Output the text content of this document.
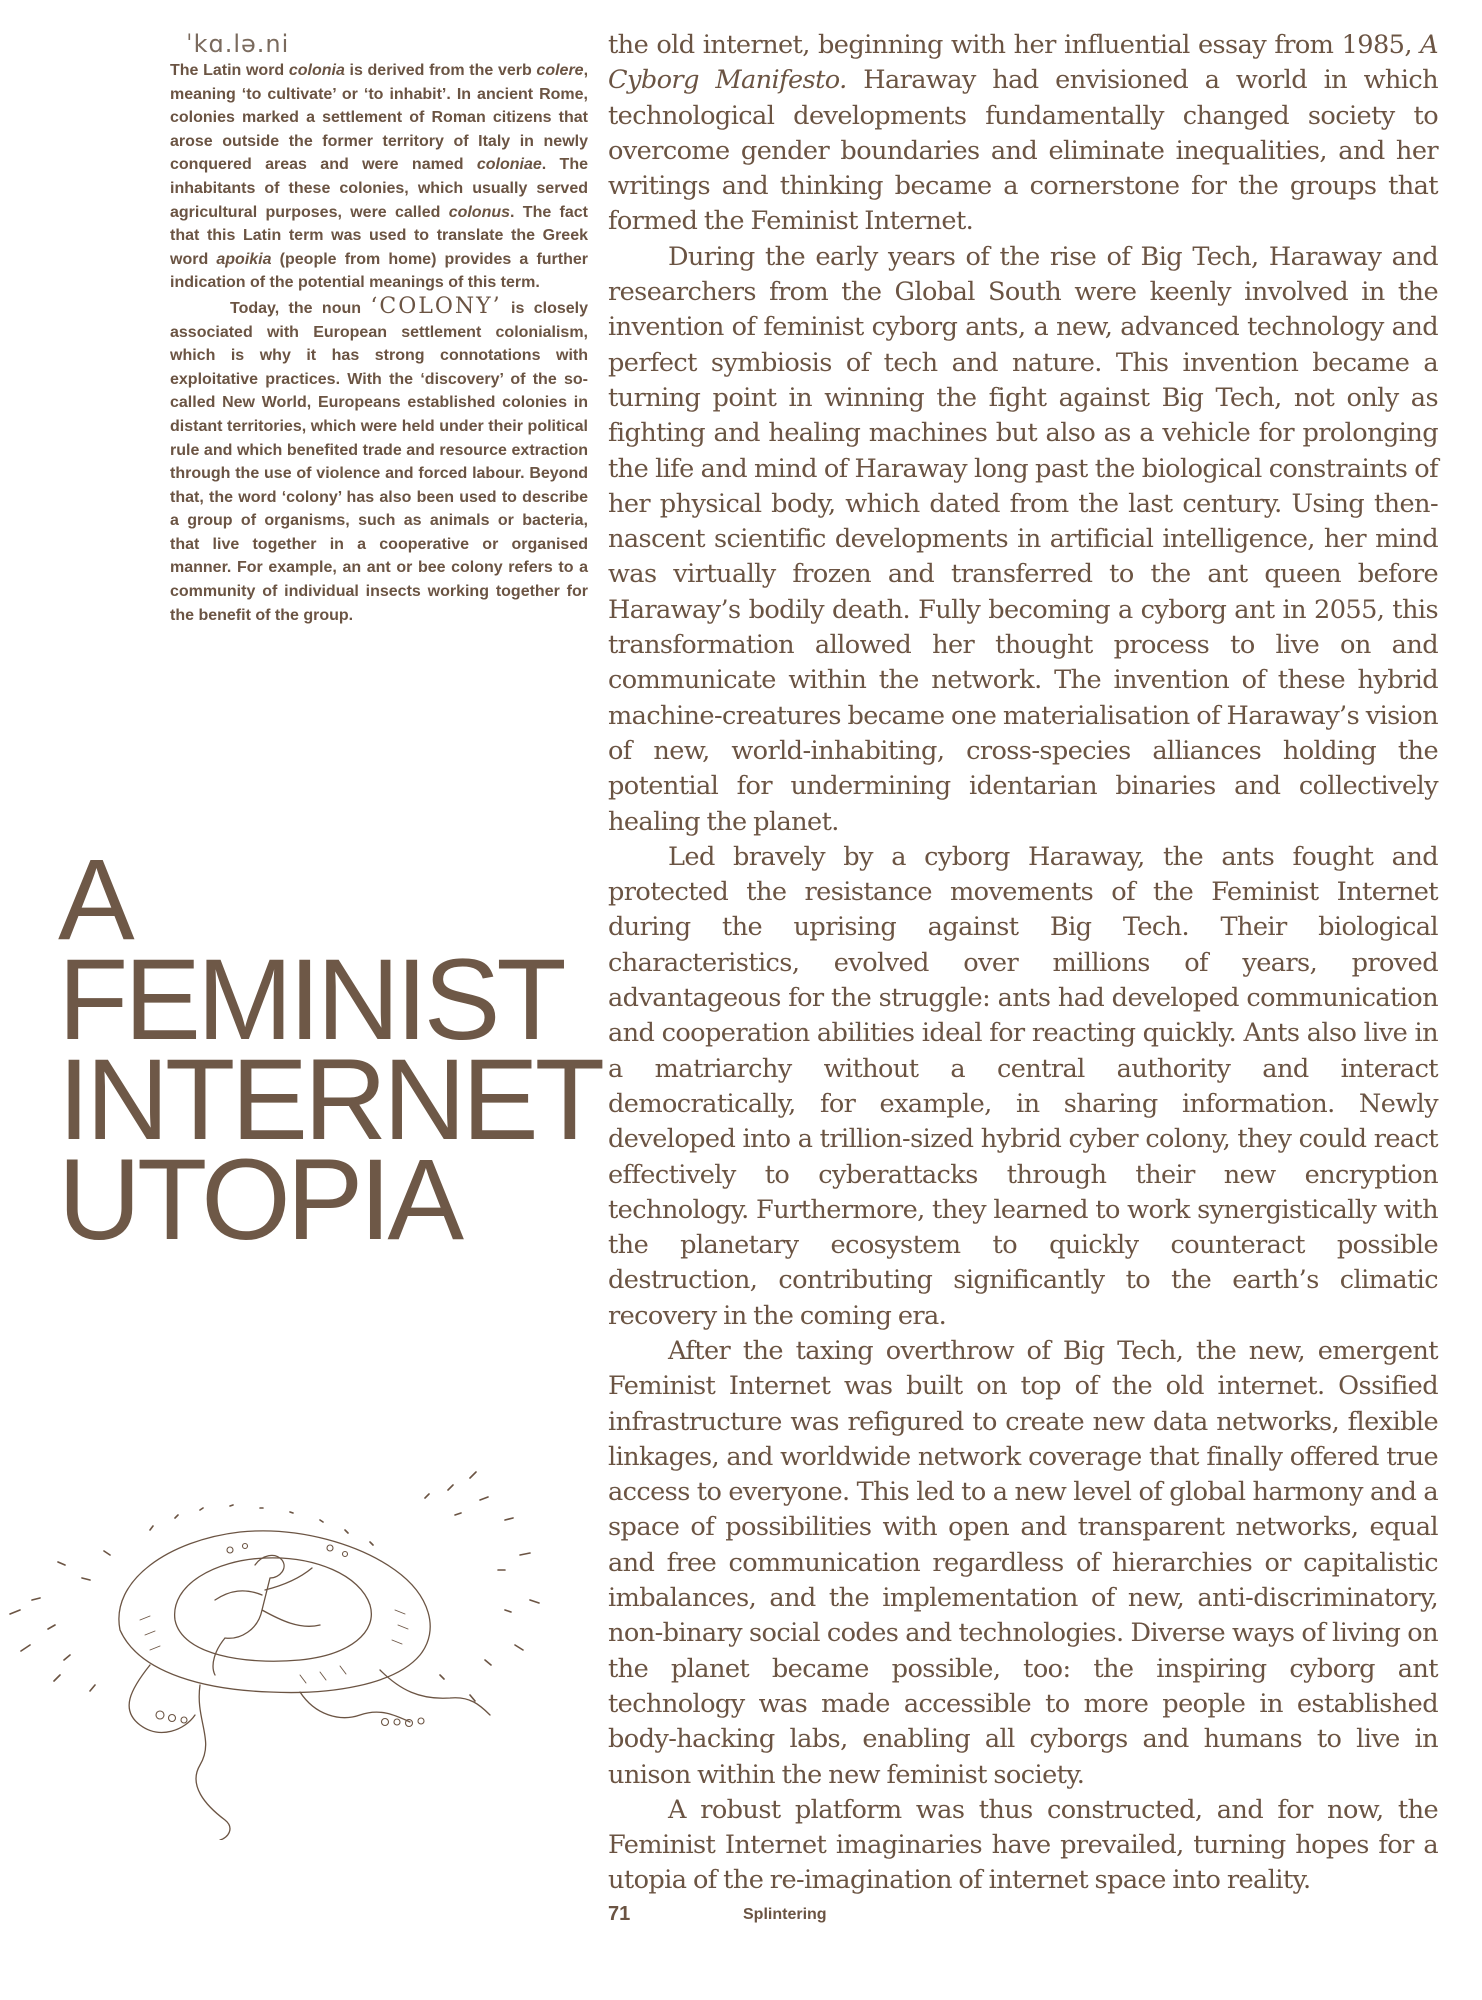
ˈkɑ.lə.ni

The Latin word colonia is derived from the verb colere, meaning ‘to cultivate’ or ‘to inhabit’. In ancient Rome, colonies marked a settlement of Roman citizens that arose outside the former territory of Italy in newly conquered areas and were named coloniae. The inhabitants of these colonies, which usually served agricultural purposes, were called colonus. The fact that this Latin term was used to translate the Greek word apoikia (people from home) provides a further indication of the potential meanings of this term.

Today, the noun ‘COLONY’ is closely associated with European settlement colonialism, which is why it has strong connotations with exploitative practices. With the ‘discovery’ of the so-called New World, Europeans established colonies in distant territories, which were held under their political rule and which benefited trade and resource extraction through the use of violence and forced labour. Beyond that, the word ‘colony’ has also been used to describe a group of organisms, such as animals or bacteria, that live together in a cooperative or organised manner. For example, an ant or bee colony refers to a community of individual insects working together for the benefit of the group.

A
FEMINIST
INTERNET
UTOPIA

the old internet, beginning with her influential essay from 1985, A Cyborg Manifesto. Haraway had envisioned a world in which technological developments fundamentally changed society to overcome gender boundaries and eliminate inequalities, and her writings and thinking became a cornerstone for the groups that formed the Feminist Internet.

During the early years of the rise of Big Tech, Haraway and researchers from the Global South were keenly involved in the invention of feminist cyborg ants, a new, advanced technology and perfect symbiosis of tech and nature. This invention became a turning point in winning the fight against Big Tech, not only as fighting and healing machines but also as a vehicle for prolonging the life and mind of Haraway long past the biological constraints of her physical body, which dated from the last century. Using then-nascent scientific developments in artificial intelligence, her mind was virtually frozen and transferred to the ant queen before Haraway’s bodily death. Fully becoming a cyborg ant in 2055, this transformation allowed her thought process to live on and communicate within the network. The invention of these hybrid machine-creatures became one materialisation of Haraway’s vision of new, world-inhabiting, cross-species alliances holding the potential for undermining identarian binaries and collectively healing the planet.

Led bravely by a cyborg Haraway, the ants fought and protected the resistance movements of the Feminist Internet during the uprising against Big Tech. Their biological characteristics, evolved over millions of years, proved advantageous for the struggle: ants had developed communication and cooperation abilities ideal for reacting quickly. Ants also live in a matriarchy without a central authority and interact democratically, for example, in sharing information. Newly developed into a trillion-sized hybrid cyber colony, they could react effectively to cyberattacks through their new encryption technology. Furthermore, they learned to work synergistically with the planetary ecosystem to quickly counteract possible destruction, contributing significantly to the earth’s climatic recovery in the coming era.

After the taxing overthrow of Big Tech, the new, emergent Feminist Internet was built on top of the old internet. Ossified infrastructure was refigured to create new data networks, flexible linkages, and worldwide network coverage that finally offered true access to everyone. This led to a new level of global harmony and a space of possibilities with open and transparent networks, equal and free communication regardless of hierarchies or capitalistic imbalances, and the implementation of new, anti-discriminatory, non-binary social codes and technologies. Diverse ways of living on the planet became possible, too: the inspiring cyborg ant technology was made accessible to more people in established body-hacking labs, enabling all cyborgs and humans to live in unison within the new feminist society.

A robust platform was thus constructed, and for now, the Feminist Internet imaginaries have prevailed, turning hopes for a utopia of the re-imagination of internet space into reality.

71	Splintering
